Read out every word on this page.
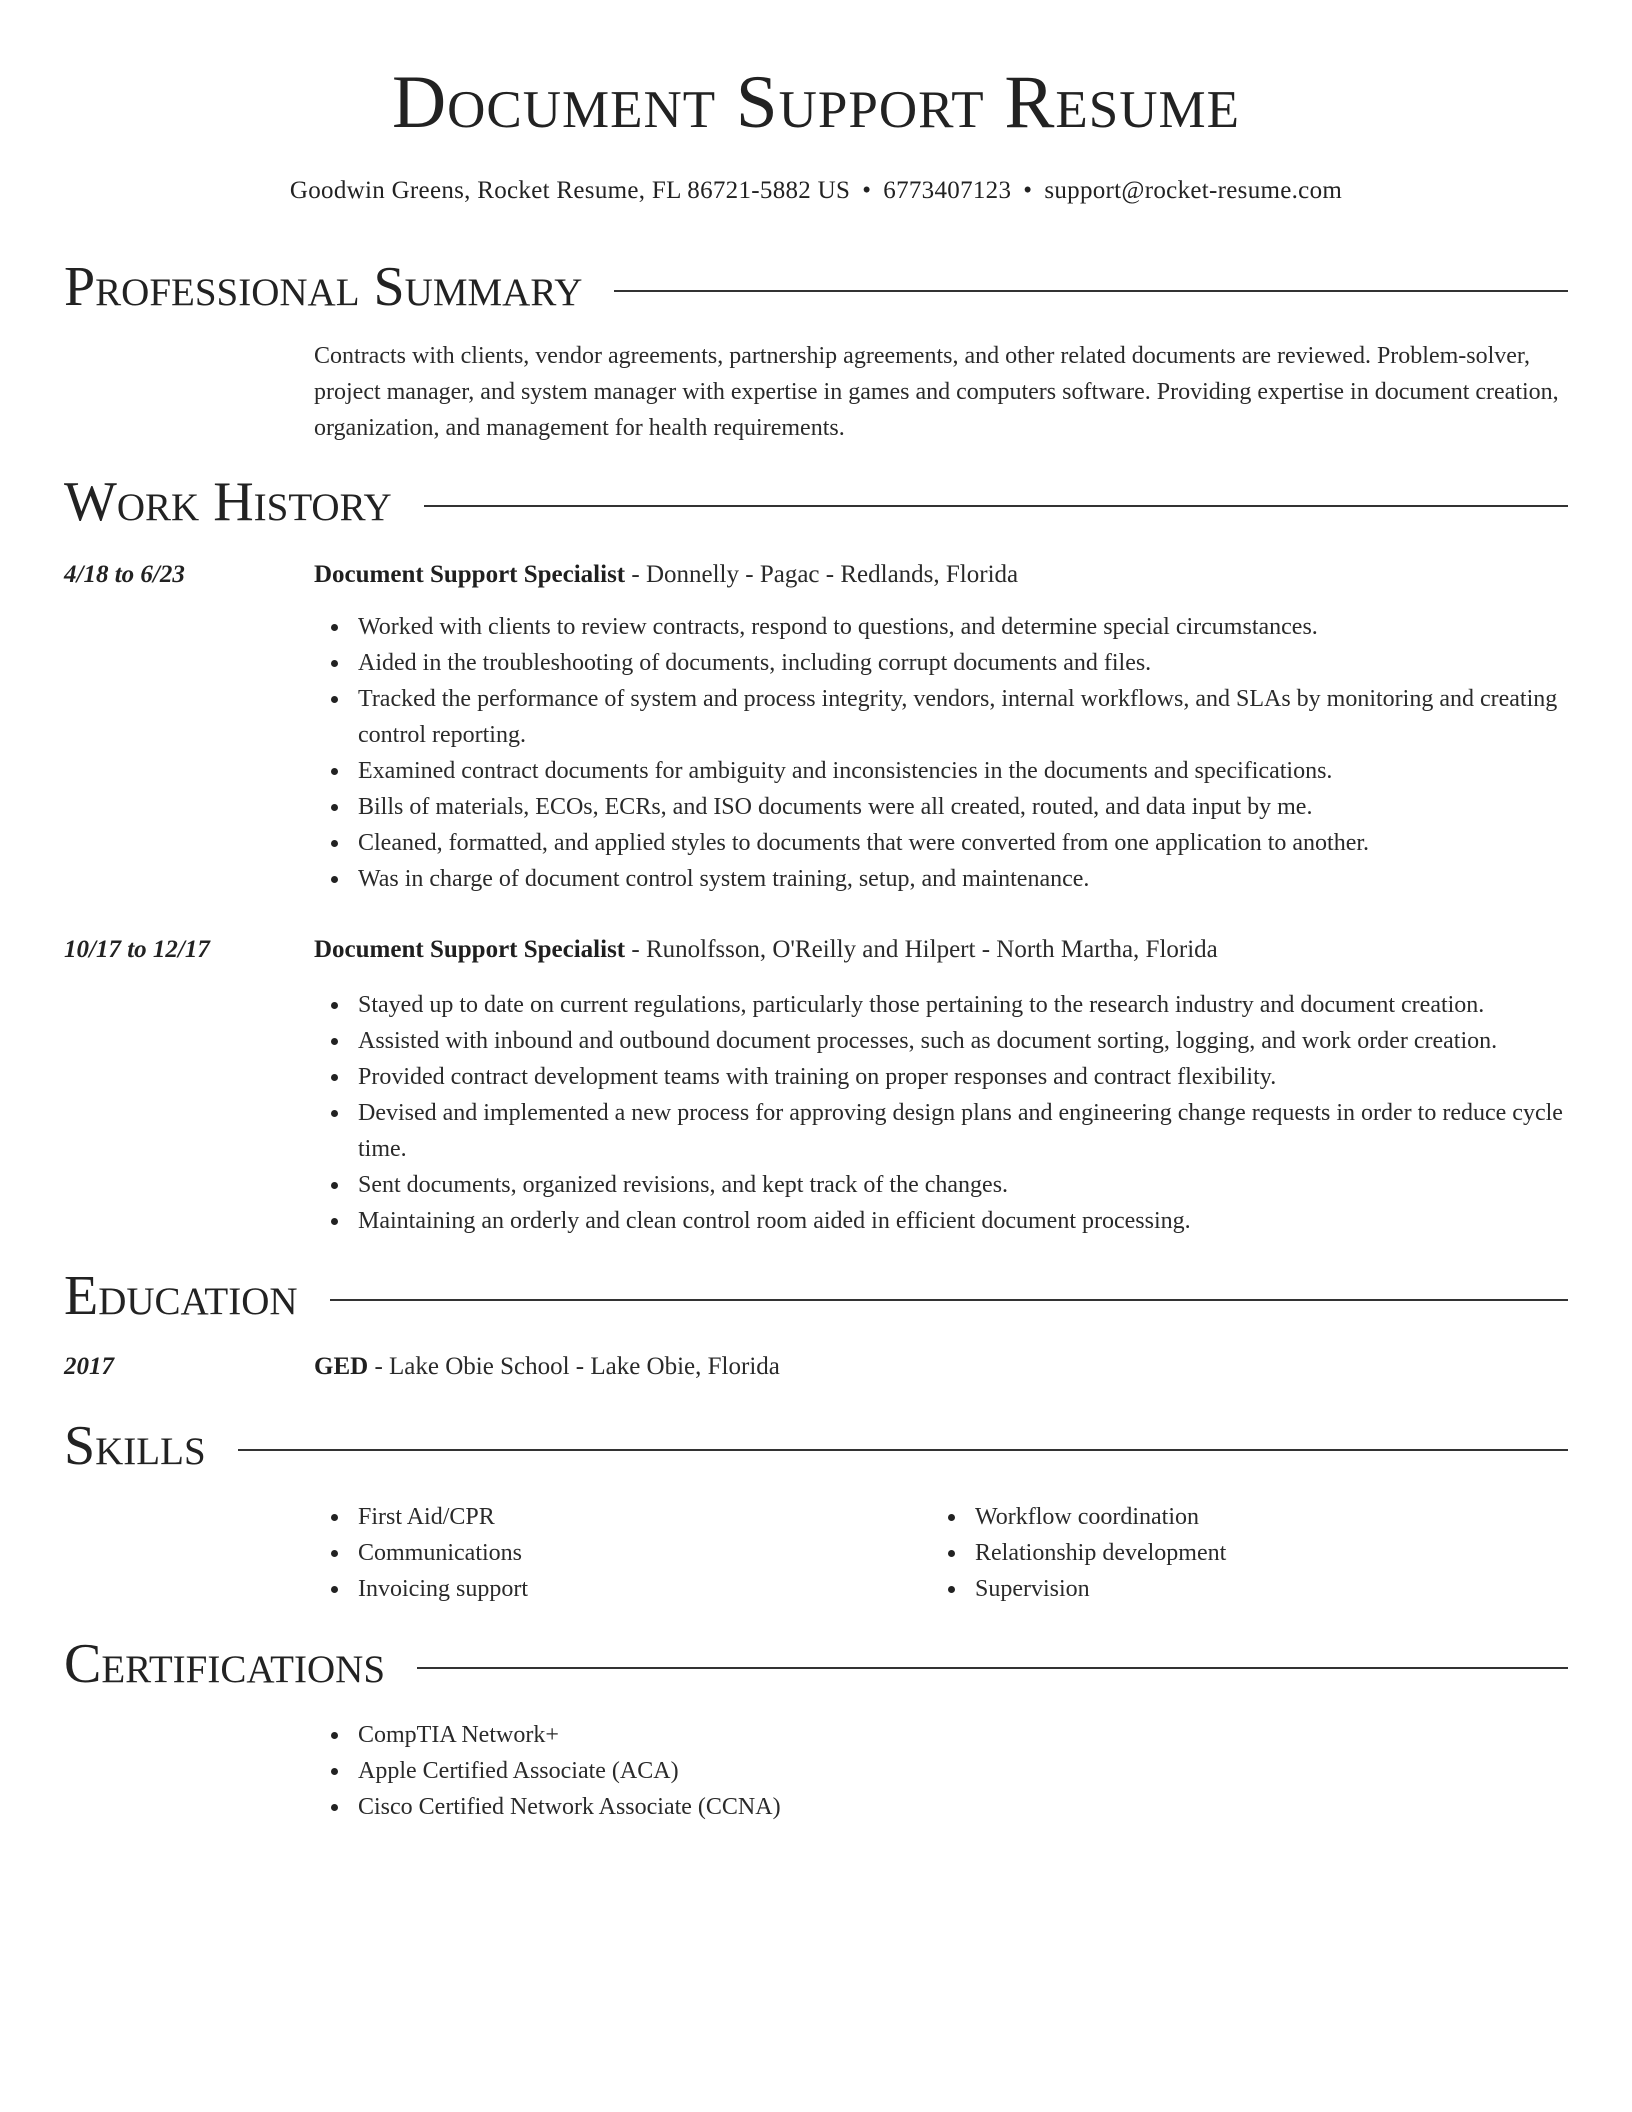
Document Support Resume
Goodwin Greens, Rocket Resume, FL 86721-5882 US • 6773407123 • support@rocket-resume.com
Professional Summary
Contracts with clients, vendor agreements, partnership agreements, and other related documents are reviewed. Problem-solver, project manager, and system manager with expertise in games and computers software. Providing expertise in document creation, organization, and management for health requirements.
Work History
4/18 to 6/23	Document Support Specialist - Donnelly - Pagac - Redlands, Florida
Worked with clients to review contracts, respond to questions, and determine special circumstances.
Aided in the troubleshooting of documents, including corrupt documents and files.
Tracked the performance of system and process integrity, vendors, internal workflows, and SLAs by monitoring and creating control reporting.
Examined contract documents for ambiguity and inconsistencies in the documents and specifications.
Bills of materials, ECOs, ECRs, and ISO documents were all created, routed, and data input by me.
Cleaned, formatted, and applied styles to documents that were converted from one application to another.
Was in charge of document control system training, setup, and maintenance.
10/17 to 12/17	Document Support Specialist - Runolfsson, O'Reilly and Hilpert - North Martha, Florida
Stayed up to date on current regulations, particularly those pertaining to the research industry and document creation.
Assisted with inbound and outbound document processes, such as document sorting, logging, and work order creation.
Provided contract development teams with training on proper responses and contract flexibility.
Devised and implemented a new process for approving design plans and engineering change requests in order to reduce cycle time.
Sent documents, organized revisions, and kept track of the changes.
Maintaining an orderly and clean control room aided in efficient document processing.
Education
2017	GED - Lake Obie School - Lake Obie, Florida
Skills
First Aid/CPR
Communications
Invoicing support
Workflow coordination
Relationship development
Supervision
Certifications
CompTIA Network+
Apple Certified Associate (ACA)
Cisco Certified Network Associate (CCNA)
